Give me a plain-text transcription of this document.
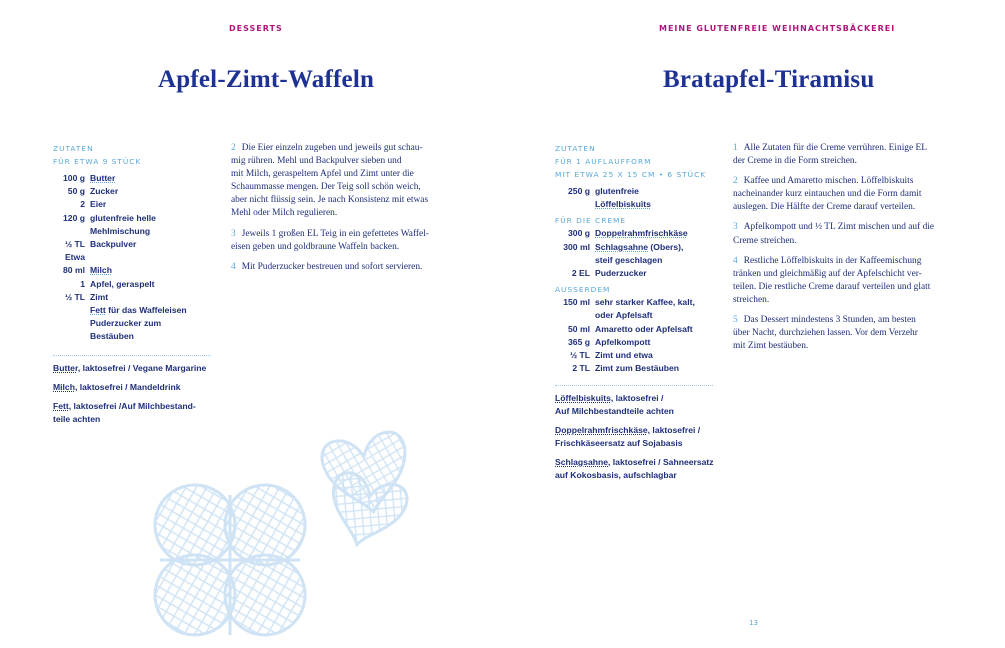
DESSERTS
Apfel-Zimt-Waffeln
ZUTATEN
FÜR ETWA 9 STÜCK
100 g	Butter
50 g	Zucker
2	Eier
120 g	glutenfreie helle
	Mehlmischung
½ TL	Backpulver
Etwa	
80 ml	Milch
1	Apfel, geraspelt
½ TL	Zimt
	Fett für das Waffeleisen
	Puderzucker zum
	Bestäuben
Butter, laktosefrei / Vegane Margarine
Milch, laktosefrei / Mandeldrink
Fett, laktosefrei /Auf Milchbestand-
teile achten

2 Die Eier einzeln zugeben und jeweils gut schau-
mig rühren. Mehl und Backpulver sieben und
mit Milch, geraspeltem Apfel und Zimt unter die
Schaummasse mengen. Der Teig soll schön weich,
aber nicht flüssig sein. Je nach Konsistenz mit etwas
Mehl oder Milch regulieren.

3 Jeweils 1 großen EL Teig in ein gefettetes Waffel-
eisen geben und goldbraune Waffeln backen.

4 Mit Puderzucker bestreuen und sofort servieren.

MEINE GLUTENFREIE WEIHNACHTSBÄCKEREI
Bratapfel-Tiramisu
ZUTATEN
FÜR 1 AUFLAUFFORM
MIT ETWA 25 X 15 CM • 6 STÜCK
250 g	glutenfreie
	Löffelbiskuits
FÜR DIE CREME
300 g	Doppelrahmfrischkäse
300 ml	Schlagsahne (Obers),
	steif geschlagen
2 EL	Puderzucker
AUSSERDEM
150 ml	sehr starker Kaffee, kalt,
	oder Apfelsaft
50 ml	Amaretto oder Apfelsaft
365 g	Apfelkompott
½ TL	Zimt und etwa
2 TL	Zimt zum Bestäuben
Löffelbiskuits, laktosefrei /
Auf Milchbestandteile achten
Doppelrahmfrischkäse, laktosefrei /
Frischkäseersatz auf Sojabasis
Schlagsahne, laktosefrei / Sahneersatz
auf Kokosbasis, aufschlagbar

1 Alle Zutaten für die Creme verrühren. Einige EL
der Creme in die Form streichen.

2 Kaffee und Amaretto mischen. Löffelbiskuits
nacheinander kurz eintauchen und die Form damit
auslegen. Die Hälfte der Creme darauf verteilen.

3 Apfelkompott und ½ TL Zimt mischen und auf die
Creme streichen.

4 Restliche Löffelbiskuits in der Kaffeemischung
tränken und gleichmäßig auf der Apfelschicht ver-
teilen. Die restliche Creme darauf verteilen und glatt
streichen.

5 Das Dessert mindestens 3 Stunden, am besten
über Nacht, durchziehen lassen. Vor dem Verzehr
mit Zimt bestäuben.

13
